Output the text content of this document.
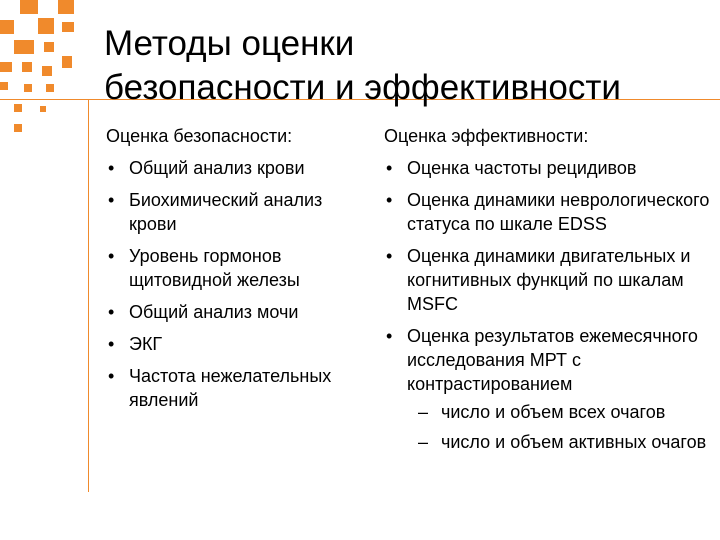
Методы оценки
безопасности и эффективности
Оценка безопасности:
• Общий анализ крови
• Биохимический анализ крови
• Уровень гормонов щитовидной железы
• Общий анализ мочи
• ЭКГ
• Частота нежелательных явлений
Оценка эффективности:
• Оценка частоты рецидивов
• Оценка динамики неврологического статуса по шкале EDSS
• Оценка динамики двигательных и когнитивных функций по шкалам MSFC
• Оценка результатов ежемесячного исследования МРТ с контрастированием
– число и объем всех очагов
– число и объем активных очагов
